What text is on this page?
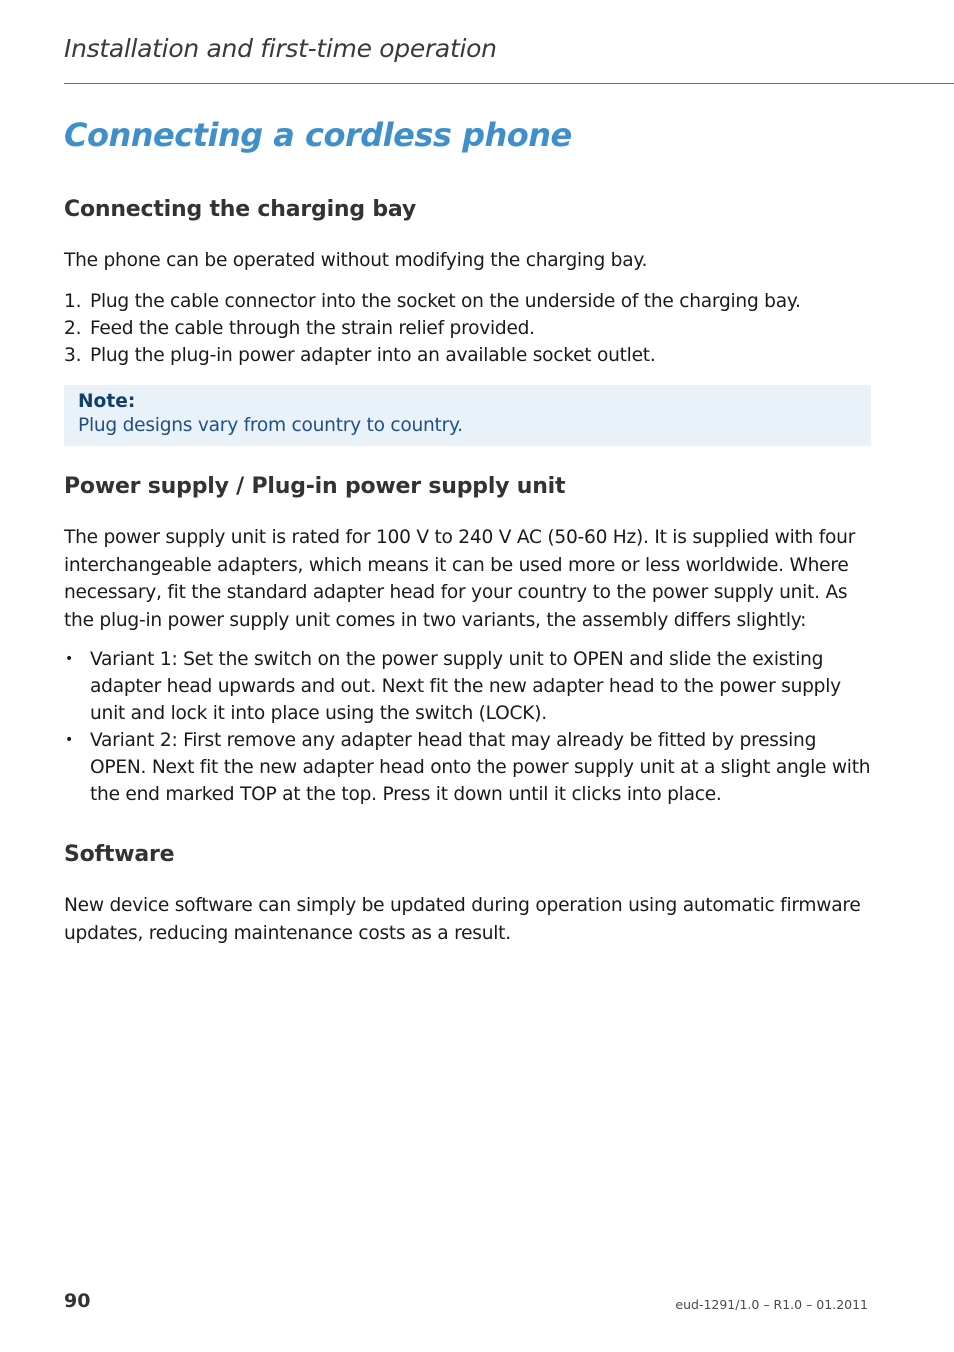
Installation and first-time operation
Connecting a cordless phone
Connecting the charging bay

The phone can be operated without modifying the charging bay.

1. Plug the cable connector into the socket on the underside of the charging bay.
2. Feed the cable through the strain relief provided.
3. Plug the plug-in power adapter into an available socket outlet.
Note:
Plug designs vary from country to country.
Power supply / Plug-in power supply unit

The power supply unit is rated for 100 V to 240 V AC (50-60 Hz). It is supplied with four interchangeable adapters, which means it can be used more or less worldwide. Where necessary, fit the standard adapter head for your country to the power supply unit. As the plug-in power supply unit comes in two variants, the assembly differs slightly:

• Variant 1: Set the switch on the power supply unit to OPEN and slide the existing adapter head upwards and out. Next fit the new adapter head to the power supply unit and lock it into place using the switch (LOCK).
• Variant 2: First remove any adapter head that may already be fitted by pressing OPEN. Next fit the new adapter head onto the power supply unit at a slight angle with the end marked TOP at the top. Press it down until it clicks into place.
Software

New device software can simply be updated during operation using automatic firmware updates, reducing maintenance costs as a result.

90	eud-1291/1.0 – R1.0 – 01.2011
